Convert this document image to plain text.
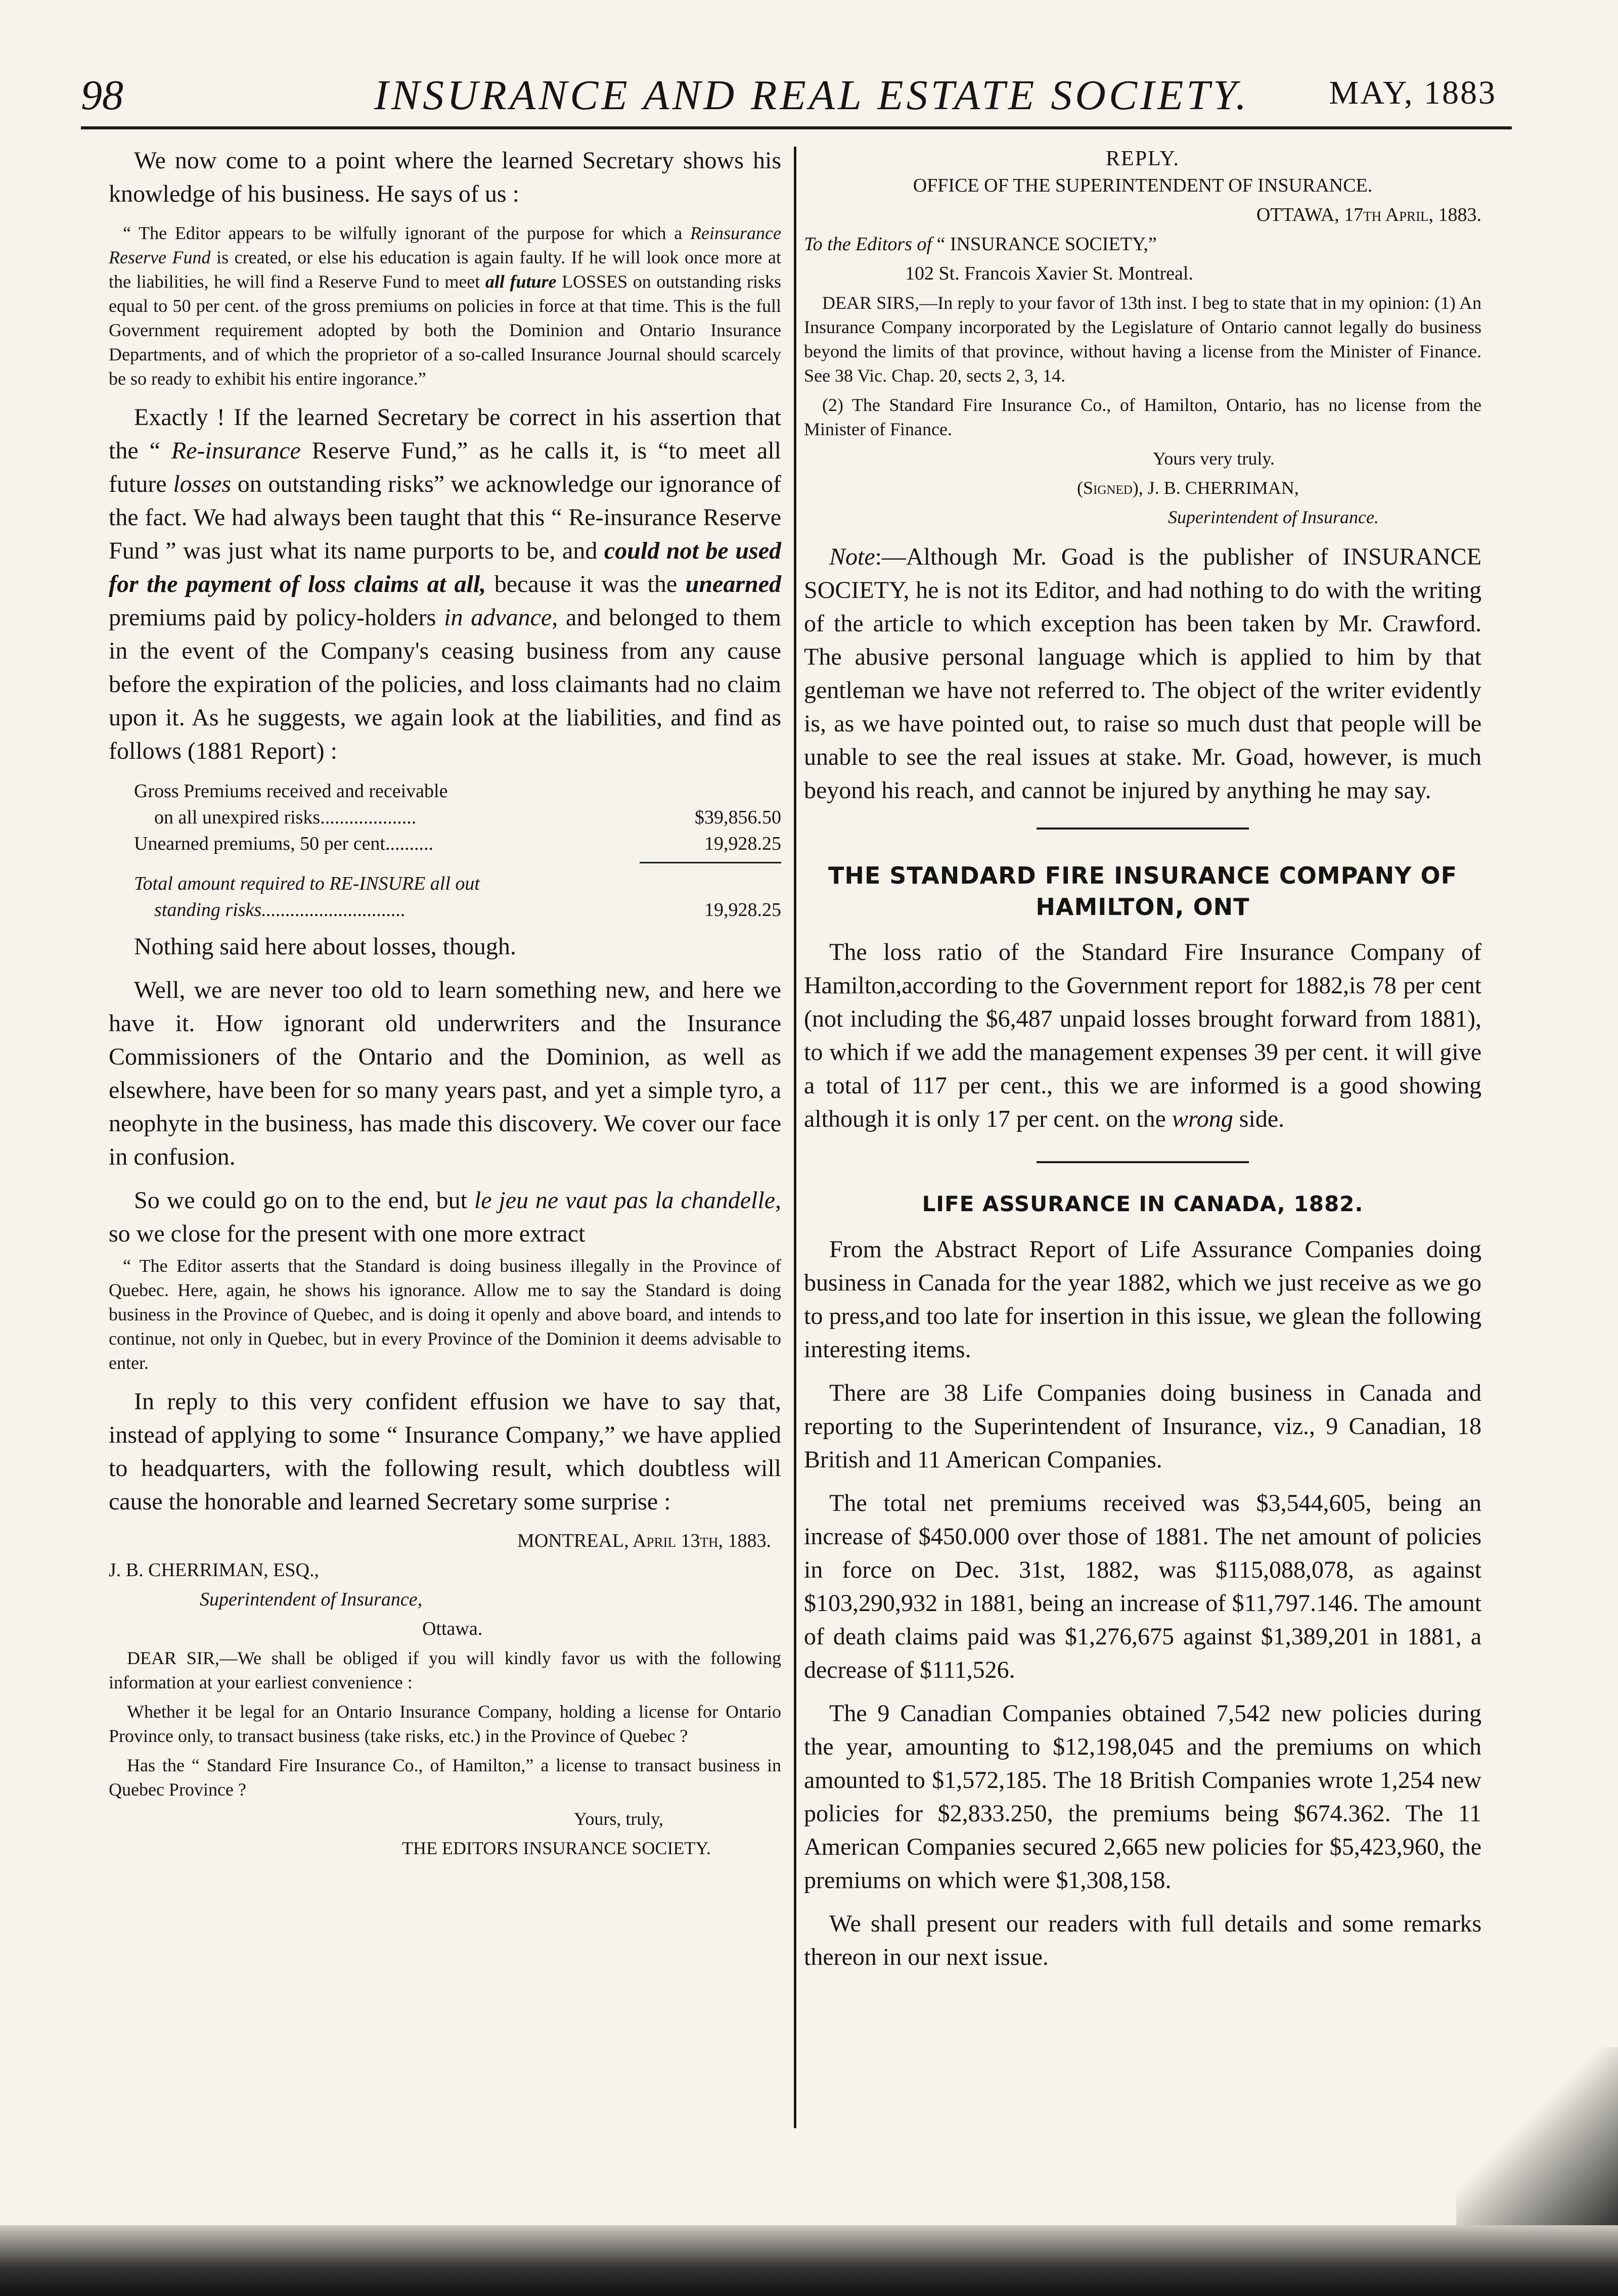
98	INSURANCE AND REAL ESTATE SOCIETY. MAY, 1883

We now come to a point where the learned Secretary shows his knowledge of his business. He says of us :

“ The Editor appears to be wilfully ignorant of the purpose for which a Reinsurance Reserve Fund is created, or else his education is again faulty. If he will look once more at the liabilities, he will find a Reserve Fund to meet all future LOSSES on outstanding risks equal to 50 per cent. of the gross premiums on policies in force at that time. This is the full Government requirement adopted by both the Dominion and Ontario Insurance Departments, and of which the proprietor of a so-called Insurance Journal should scarcely be so ready to exhibit his entire ingorance.”

Exactly ! If the learned Secretary be correct in his assertion that the “ Re-insurance Reserve Fund,” as he calls it, is “to meet all future losses on outstanding risks” we acknowledge our ignorance of the fact. We had always been taught that this “ Re-insurance Reserve Fund ” was just what its name purports to be, and could not be used for the payment of loss claims at all, because it was the unearned premiums paid by policy-holders in advance, and belonged to them in the event of the Company's ceasing business from any cause before the expiration of the policies, and loss claimants had no claim upon it. As he suggests, we again look at the liabilities, and find as follows (1881 Report) :

Gross Premiums received and receivable
on all unexpired risks....................	$39,856.50
Unearned premiums, 50 per cent..........	19,928.25
Total amount required to RE-INSURE all out
standing risks..............................	19,928.25

Nothing said here about losses, though.

Well, we are never too old to learn something new, and here we have it. How ignorant old underwriters and the Insurance Commissioners of the Ontario and the Dominion, as well as elsewhere, have been for so many years past, and yet a simple tyro, a neophyte in the business, has made this discovery. We cover our face in confusion.

So we could go on to the end, but le jeu ne vaut pas la chandelle, so we close for the present with one more extract

“ The Editor asserts that the Standard is doing business illegally in the Province of Quebec. Here, again, he shows his ignorance. Allow me to say the Standard is doing business in the Province of Quebec, and is doing it openly and above board, and intends to continue, not only in Quebec, but in every Province of the Dominion it deems advisable to enter.

In reply to this very confident effusion we have to say that, instead of applying to some “ Insurance Company,” we have applied to headquarters, with the following result, which doubtless will cause the honorable and learned Secretary some surprise :

MONTREAL, April 13th, 1883.

J. B. CHERRIMAN, ESQ.,

Superintendent of Insurance,

Ottawa.

DEAR SIR,—We shall be obliged if you will kindly favor us with the following information at your earliest convenience :

Whether it be legal for an Ontario Insurance Company, holding a license for Ontario Province only, to transact business (take risks, etc.) in the Province of Quebec ?

Has the “ Standard Fire Insurance Co., of Hamilton,” a license to transact business in Quebec Province ?

Yours, truly,

THE EDITORS INSURANCE SOCIETY.

REPLY.

OFFICE OF THE SUPERINTENDENT OF INSURANCE.

OTTAWA, 17th April, 1883.

To the Editors of “ INSURANCE SOCIETY,”

102 St. Francois Xavier St. Montreal.

DEAR SIRS,—In reply to your favor of 13th inst. I beg to state that in my opinion: (1) An Insurance Company incorporated by the Legislature of Ontario cannot legally do business beyond the limits of that province, without having a license from the Minister of Finance. See 38 Vic. Chap. 20, sects 2, 3, 14.

(2) The Standard Fire Insurance Co., of Hamilton, Ontario, has no license from the Minister of Finance.

Yours very truly.

(Signed), J. B. CHERRIMAN,

Superintendent of Insurance.

Note:—Although Mr. Goad is the publisher of INSURANCE SOCIETY, he is not its Editor, and had nothing to do with the writing of the article to which exception has been taken by Mr. Crawford. The abusive personal language which is applied to him by that gentleman we have not referred to. The object of the writer evidently is, as we have pointed out, to raise so much dust that people will be unable to see the real issues at stake. Mr. Goad, however, is much beyond his reach, and cannot be injured by anything he may say.

THE STANDARD FIRE INSURANCE COMPANY OF HAMILTON, ONT

The loss ratio of the Standard Fire Insurance Company of Hamilton,according to the Government report for 1882,is 78 per cent (not including the $6,487 unpaid losses brought forward from 1881), to which if we add the management expenses 39 per cent. it will give a total of 117 per cent., this we are informed is a good showing although it is only 17 per cent. on the wrong side.

LIFE ASSURANCE IN CANADA, 1882.

From the Abstract Report of Life Assurance Companies doing business in Canada for the year 1882, which we just receive as we go to press,and too late for insertion in this issue, we glean the following interesting items.

There are 38 Life Companies doing business in Canada and reporting to the Superintendent of Insurance, viz., 9 Canadian, 18 British and 11 American Companies.

The total net premiums received was $3,544,605, being an increase of $450.000 over those of 1881. The net amount of policies in force on Dec. 31st, 1882, was $115,088,078, as against $103,290,932 in 1881, being an increase of $11,797.146. The amount of death claims paid was $1,276,675 against $1,389,201 in 1881, a decrease of $111,526.

The 9 Canadian Companies obtained 7,542 new policies during the year, amounting to $12,198,045 and the premiums on which amounted to $1,572,185. The 18 British Companies wrote 1,254 new policies for $2,833.250, the premiums being $674.362. The 11 American Companies secured 2,665 new policies for $5,423,960, the premiums on which were $1,308,158.

We shall present our readers with full details and some remarks thereon in our next issue.
